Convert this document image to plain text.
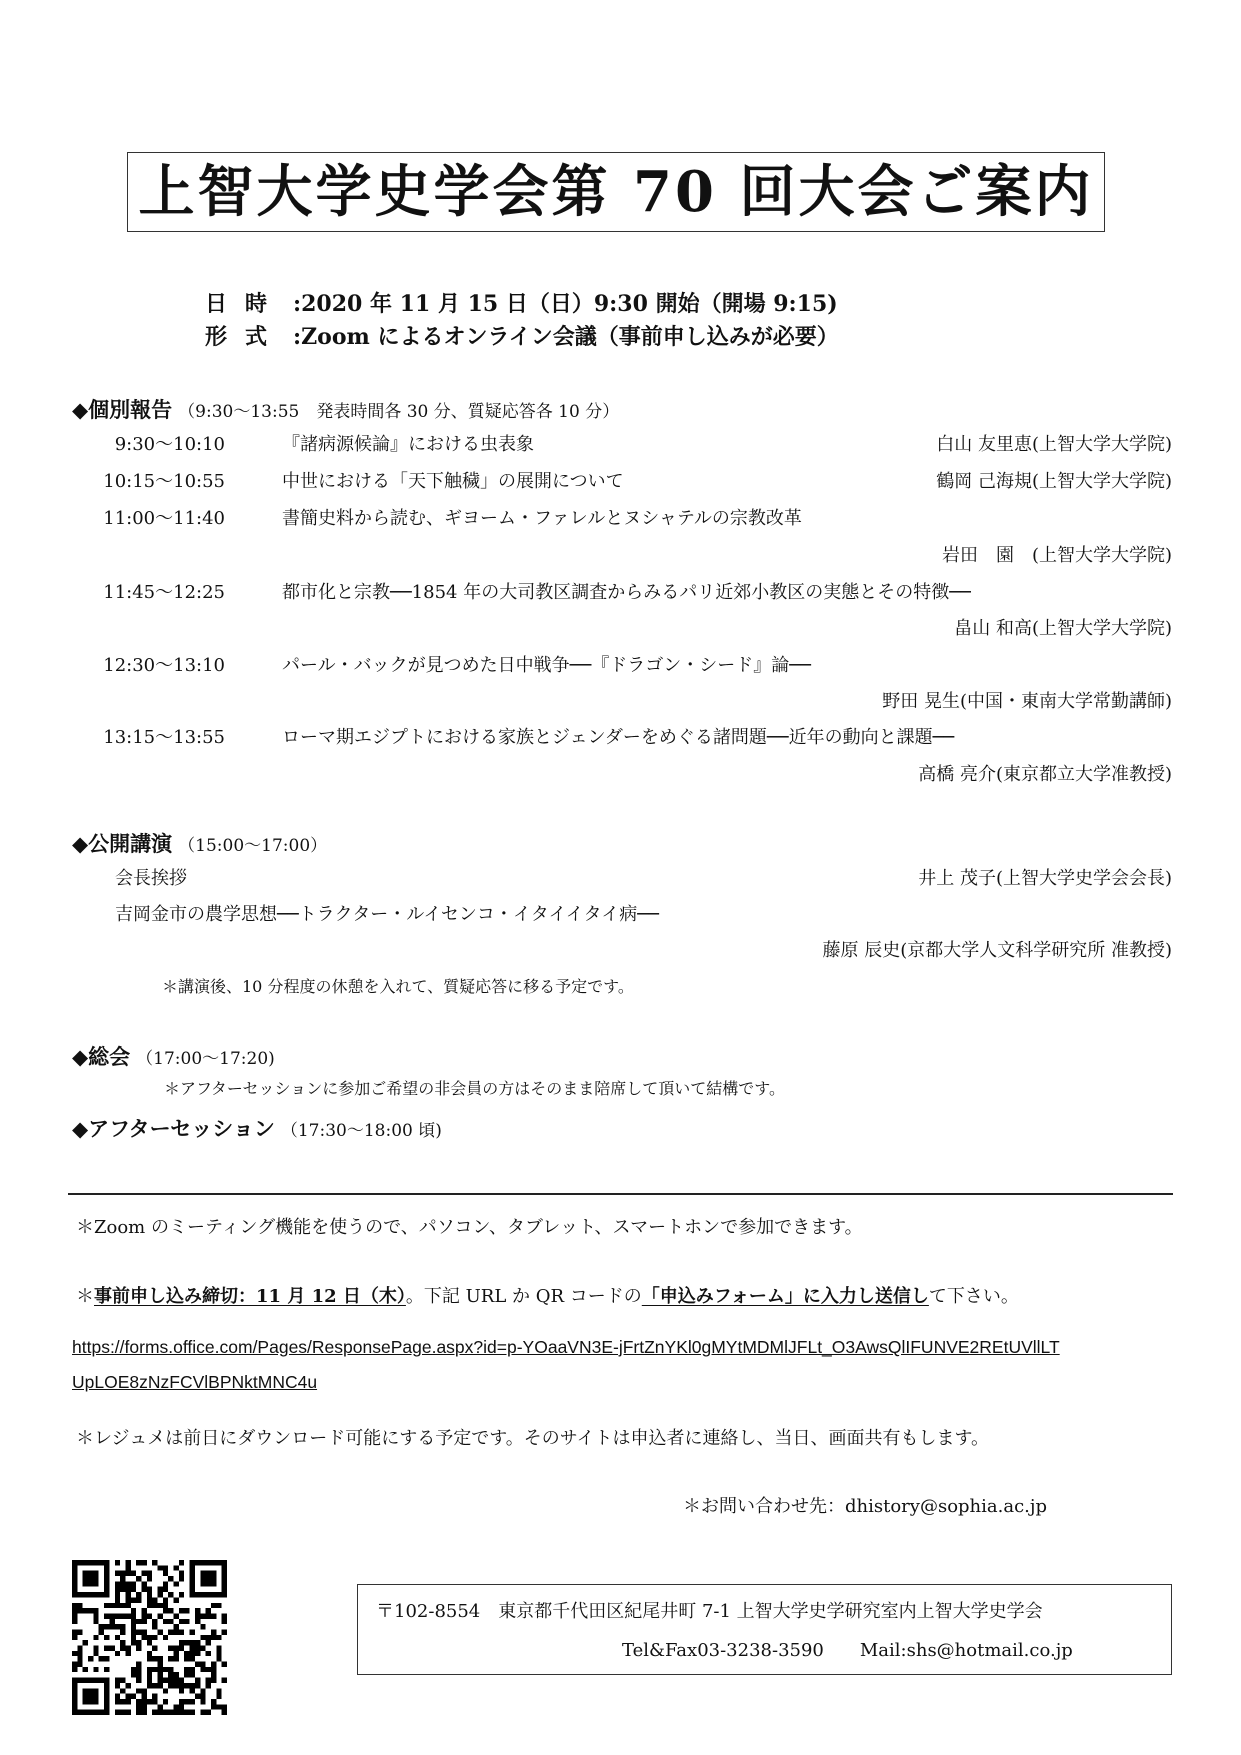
上智大学史学会第 70 回大会ご案内
日時 :2020 年 11 月 15 日（日）9:30 開始（開場 9:15)
形式 :Zoom によるオンライン会議（事前申し込みが必要）
◆個別報告 （9:30～13:55　発表時間各 30 分、質疑応答各 10 分）
9:30～10:10	『諸病源候論』における虫表象	白山 友里恵(上智大学大学院)
10:15～10:55	中世における「天下触穢」の展開について	鶴岡 己海規(上智大学大学院)
11:00～11:40	書簡史料から読む、ギヨーム・ファレルとヌシャテルの宗教改革
岩田　園　(上智大学大学院)
11:45～12:25	都市化と宗教──1854 年の大司教区調査からみるパリ近郊小教区の実態とその特徴──
畠山 和高(上智大学大学院)
12:30～13:10	パール・バックが見つめた日中戦争──『ドラゴン・シード』論──
野田 晃生(中国・東南大学常勤講師)
13:15～13:55	ローマ期エジプトにおける家族とジェンダーをめぐる諸問題──近年の動向と課題──
高橋 亮介(東京都立大学准教授)
◆公開講演 （15:00～17:00）
会長挨拶	井上 茂子(上智大学史学会会長)
吉岡金市の農学思想──トラクター・ルイセンコ・イタイイタイ病──
藤原 辰史(京都大学人文科学研究所 准教授)
＊講演後、10 分程度の休憩を入れて、質疑応答に移る予定です。
◆総会 （17:00～17:20)
＊アフターセッションに参加ご希望の非会員の方はそのまま陪席して頂いて結構です。
◆アフターセッション （17:30～18:00 頃)
＊Zoom のミーティング機能を使うので、パソコン、タブレット、スマートホンで参加できます。
＊事前申し込み締切：11 月 12 日（木）。下記 URL か QR コードの「申込みフォーム」に入力し送信して下さい。
https://forms.office.com/Pages/ResponsePage.aspx?id=p-YOaaVN3E-jFrtZnYKl0gMYtMDMlJFLt_O3AwsQlIFUNVE2REtUVllLT
UpLOE8zNzFCVlBPNktMNC4u
＊レジュメは前日にダウンロード可能にする予定です。そのサイトは申込者に連絡し、当日、画面共有もします。
＊お問い合わせ先：dhistory@sophia.ac.jp
〒102-8554　東京都千代田区紀尾井町 7-1 上智大学史学研究室内上智大学史学会
Tel&Fax03-3238-3590　　Mail:shs@hotmail.co.jp
